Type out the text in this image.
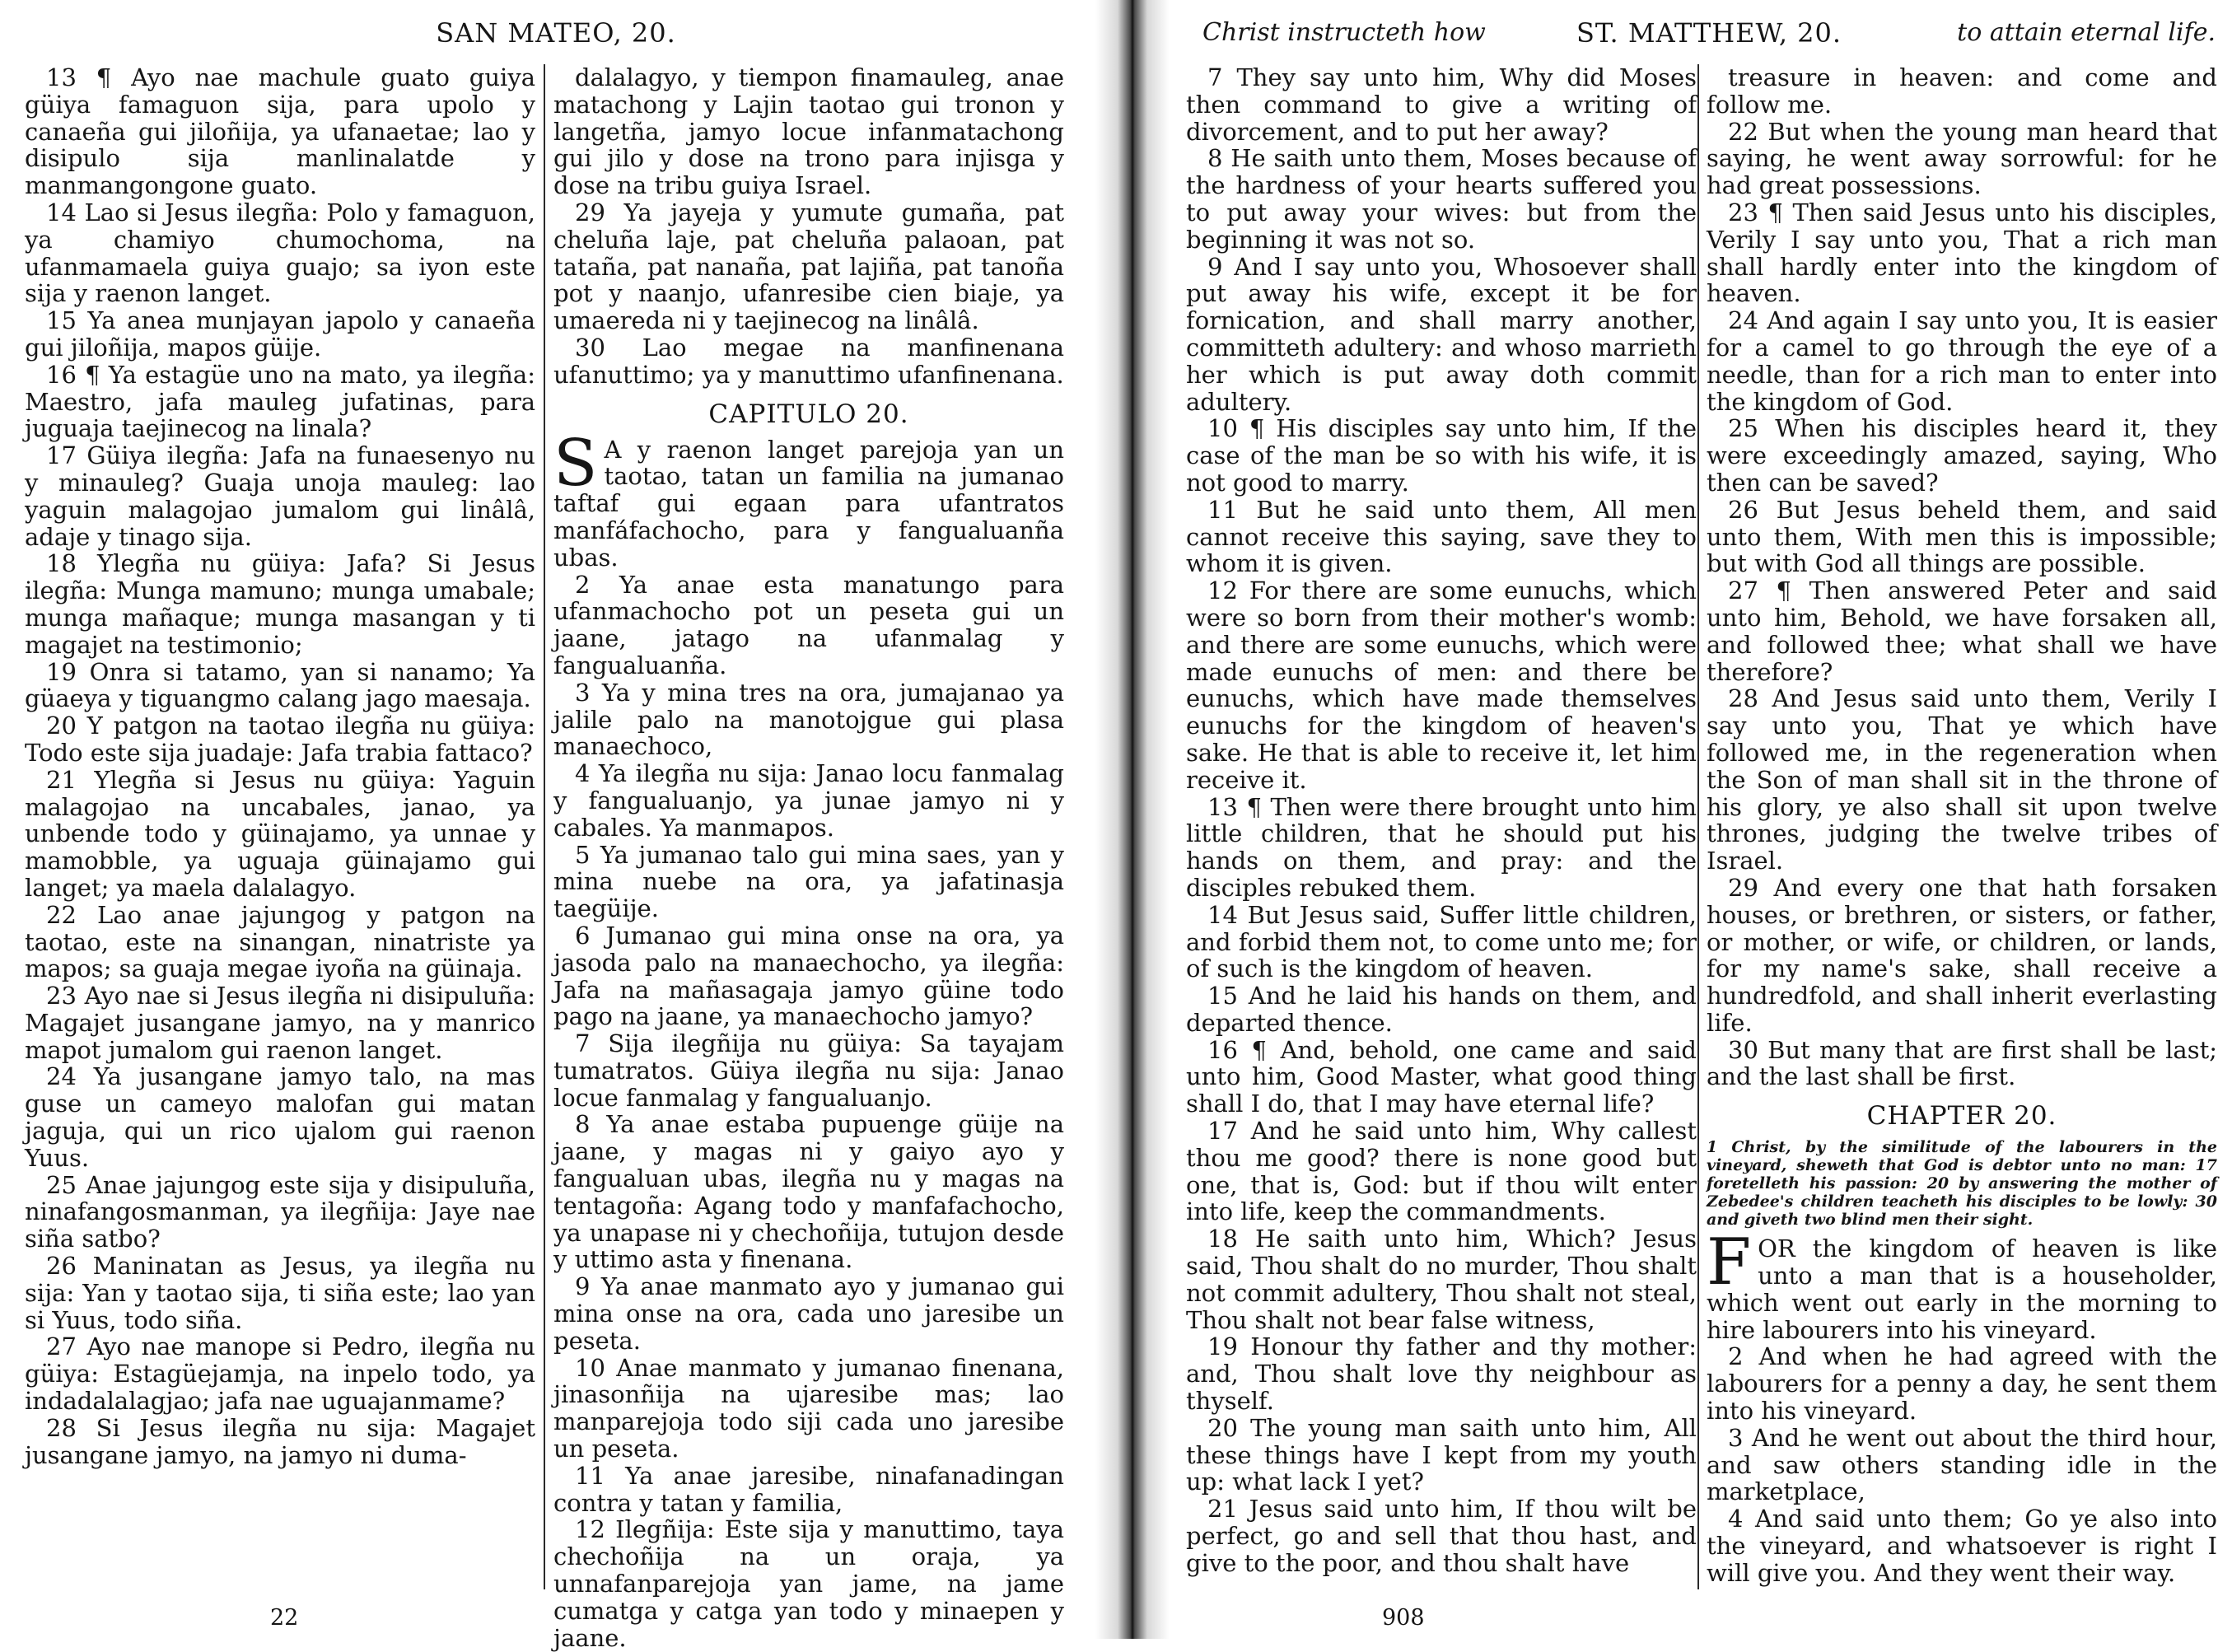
SAN MATEO, 20.

13 ¶ Ayo nae machule guato guiya güiya famaguon sija, para upolo y canaeña gui jiloñija, ya ufanaetae; lao y disipulo sija manlinalatde y manmangongone guato.

14 Lao si Jesus ilegña: Polo y famaguon, ya chamiyo chumochoma, na ufanmamaela guiya guajo; sa iyon este sija y raenon langet.

15 Ya anea munjayan japolo y canaeña gui jiloñija, mapos güije.

16 ¶ Ya estagüe uno na mato, ya ilegña: Maestro, jafa mauleg jufatinas, para juguaja taejinecog na linala?

17 Güiya ilegña: Jafa na funaesenyo nu y minauleg? Guaja unoja mauleg: lao yaguin malagojao jumalom gui linâlâ, adaje y tinago sija.

18 Ylegña nu güiya: Jafa? Si Jesus ilegña: Munga mamuno; munga umabale; munga mañaque; munga masangan y ti magajet na testimonio;

19 Onra si tatamo, yan si nanamo; Ya güaeya y tiguangmo calang jago maesaja.

20 Y patgon na taotao ilegña nu güiya: Todo este sija juadaje: Jafa trabia fattaco?

21 Ylegña si Jesus nu güiya: Yaguin malagojao na uncabales, janao, ya unbende todo y güinajamo, ya unnae y mamobble, ya uguaja güinajamo gui langet; ya maela dalalagyo.

22 Lao anae jajungog y patgon na taotao, este na sinangan, ninatriste ya mapos; sa guaja megae iyoña na güinaja.

23 Ayo nae si Jesus ilegña ni disipuluña: Magajet jusangane jamyo, na y manrico mapot jumalom gui raenon langet.

24 Ya jusangane jamyo talo, na mas guse un cameyo malofan gui matan jaguja, qui un rico ujalom gui raenon Yuus.

25 Anae jajungog este sija y disipuluña, ninafangosmanman, ya ilegñija: Jaye nae siña satbo?

26 Maninatan as Jesus, ya ilegña nu sija: Yan y taotao sija, ti siña este; lao yan si Yuus, todo siña.

27 Ayo nae manope si Pedro, ilegña nu güiya: Estagüejamja, na inpelo todo, ya indadalalagjao; jafa nae uguajanmame?

28 Si Jesus ilegña nu sija: Magajet jusangane jamyo, na jamyo ni duma-

dalalagyo, y tiempon finamauleg, anae matachong y Lajin taotao gui tronon y langetña, jamyo locue infanmatachong gui jilo y dose na trono para injisga y dose na tribu guiya Israel.

29 Ya jayeja y yumute gumaña, pat cheluña laje, pat cheluña palaoan, pat tataña, pat nanaña, pat lajiña, pat tanoña pot y naanjo, ufanresibe cien biaje, ya umaereda ni y taejinecog na linâlâ.

30 Lao megae na manfinenana ufanuttimo; ya y manuttimo ufanfinenana.

CAPITULO 20.

S A y raenon langet parejoja yan un taotao, tatan un familia na jumanao taftaf gui egaan para ufantratos manfáfachocho, para y fangualuanña ubas.

2 Ya anae esta manatungo para ufanmachocho pot un peseta gui un jaane, jatago na ufanmalag y fangualuanña.

3 Ya y mina tres na ora, jumajanao ya jalile palo na manotojgue gui plasa manaechoco,

4 Ya ilegña nu sija: Janao locu fanmalag y fangualuanjo, ya junae jamyo ni y cabales. Ya manmapos.

5 Ya jumanao talo gui mina saes, yan y mina nuebe na ora, ya jafatinasja taegüije.

6 Jumanao gui mina onse na ora, ya jasoda palo na manaechocho, ya ilegña: Jafa na mañasagaja jamyo güine todo pago na jaane, ya manaechocho jamyo?

7 Sija ilegñija nu güiya: Sa tayajam tumatratos. Güiya ilegña nu sija: Janao locue fanmalag y fangualuanjo.

8 Ya anae estaba pupuenge güije na jaane, y magas ni y gaiyo ayo y fangualuan ubas, ilegña nu y magas na tentagoña: Agang todo y manfafachocho, ya unapase ni y chechoñija, tutujon desde y uttimo asta y finenana.

9 Ya anae manmato ayo y jumanao gui mina onse na ora, cada uno jaresibe un peseta.

10 Anae manmato y jumanao finenana, jinasonñija na ujaresibe mas; lao manparejoja todo siji cada uno jaresibe un peseta.

11 Ya anae jaresibe, ninafanadingan contra y tatan y familia,

12 Ilegñija: Este sija y manuttimo, taya chechoñija na un oraja, ya unnafanparejoja yan jame, na jame cumatga y catga yan todo y minaepen y jaane.

22
Christ instructeth how	ST. MATTHEW, 20.	to attain eternal life.

7 They say unto him, Why did Moses then command to give a writing of divorcement, and to put her away?

8 He saith unto them, Moses because of the hardness of your hearts suffered you to put away your wives: but from the beginning it was not so.

9 And I say unto you, Whosoever shall put away his wife, except it be for fornication, and shall marry another, committeth adultery: and whoso marrieth her which is put away doth commit adultery.

10 ¶ His disciples say unto him, If the case of the man be so with his wife, it is not good to marry.

11 But he said unto them, All men cannot receive this saying, save they to whom it is given.

12 For there are some eunuchs, which were so born from their mother's womb: and there are some eunuchs, which were made eunuchs of men: and there be eunuchs, which have made themselves eunuchs for the kingdom of heaven's sake. He that is able to receive it, let him receive it.

13 ¶ Then were there brought unto him little children, that he should put his hands on them, and pray: and the disciples rebuked them.

14 But Jesus said, Suffer little children, and forbid them not, to come unto me; for of such is the kingdom of heaven.

15 And he laid his hands on them, and departed thence.

16 ¶ And, behold, one came and said unto him, Good Master, what good thing shall I do, that I may have eternal life?

17 And he said unto him, Why callest thou me good? there is none good but one, that is, God: but if thou wilt enter into life, keep the commandments.

18 He saith unto him, Which? Jesus said, Thou shalt do no murder, Thou shalt not commit adultery, Thou shalt not steal, Thou shalt not bear false witness,

19 Honour thy father and thy mother: and, Thou shalt love thy neighbour as thyself.

20 The young man saith unto him, All these things have I kept from my youth up: what lack I yet?

21 Jesus said unto him, If thou wilt be perfect, go and sell that thou hast, and give to the poor, and thou shalt have

treasure in heaven: and come and follow me.

22 But when the young man heard that saying, he went away sorrowful: for he had great possessions.

23 ¶ Then said Jesus unto his disciples, Verily I say unto you, That a rich man shall hardly enter into the kingdom of heaven.

24 And again I say unto you, It is easier for a camel to go through the eye of a needle, than for a rich man to enter into the kingdom of God.

25 When his disciples heard it, they were exceedingly amazed, saying, Who then can be saved?

26 But Jesus beheld them, and said unto them, With men this is impossible; but with God all things are possible.

27 ¶ Then answered Peter and said unto him, Behold, we have forsaken all, and followed thee; what shall we have therefore?

28 And Jesus said unto them, Verily I say unto you, That ye which have followed me, in the regeneration when the Son of man shall sit in the throne of his glory, ye also shall sit upon twelve thrones, judging the twelve tribes of Israel.

29 And every one that hath forsaken houses, or brethren, or sisters, or father, or mother, or wife, or children, or lands, for my name's sake, shall receive a hundredfold, and shall inherit everlasting life.

30 But many that are first shall be last; and the last shall be first.

CHAPTER 20.

1 Christ, by the similitude of the labourers in the vineyard, sheweth that God is debtor unto no man: 17 foretelleth his passion: 20 by answering the mother of Zebedee's children teacheth his disciples to be lowly: 30 and giveth two blind men their sight.

FOR the kingdom of heaven is like unto a man that is a householder, which went out early in the morning to hire labourers into his vineyard.

2 And when he had agreed with the labourers for a penny a day, he sent them into his vineyard.

3 And he went out about the third hour, and saw others standing idle in the marketplace,

4 And said unto them; Go ye also into the vineyard, and whatsoever is right I will give you. And they went their way.

908
